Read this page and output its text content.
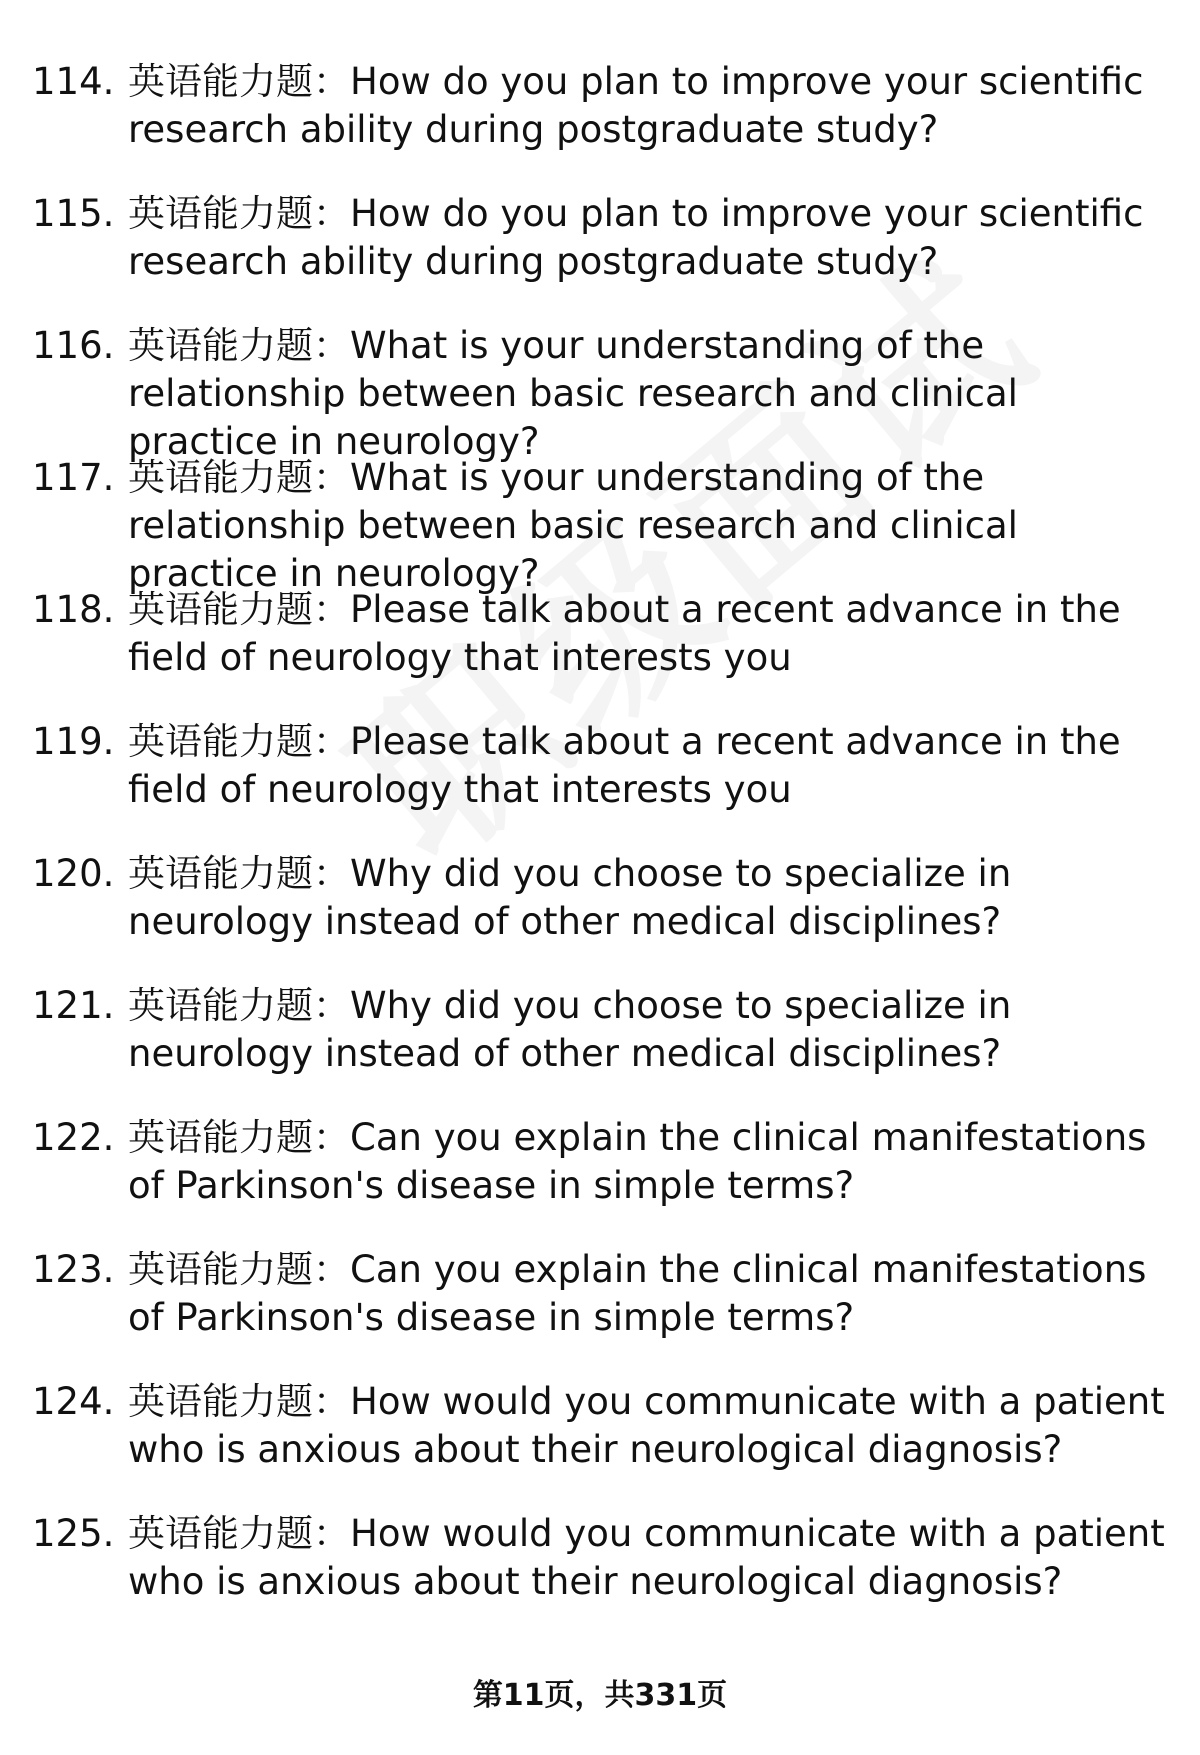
114. 英语能力题：How do you plan to improve your scientific research ability during postgraduate study?
115. 英语能力题：How do you plan to improve your scientific research ability during postgraduate study?
116. 英语能力题：What is your understanding of the relationship between basic research and clinical practice in neurology?
117. 英语能力题：What is your understanding of the relationship between basic research and clinical practice in neurology?
118. 英语能力题：Please talk about a recent advance in the field of neurology that interests you
119. 英语能力题：Please talk about a recent advance in the field of neurology that interests you
120. 英语能力题：Why did you choose to specialize in neurology instead of other medical disciplines?
121. 英语能力题：Why did you choose to specialize in neurology instead of other medical disciplines?
122. 英语能力题：Can you explain the clinical manifestations of Parkinson's disease in simple terms?
123. 英语能力题：Can you explain the clinical manifestations of Parkinson's disease in simple terms?
124. 英语能力题：How would you communicate with a patient who is anxious about their neurological diagnosis?
125. 英语能力题：How would you communicate with a patient who is anxious about their neurological diagnosis?
第11页，共331页
